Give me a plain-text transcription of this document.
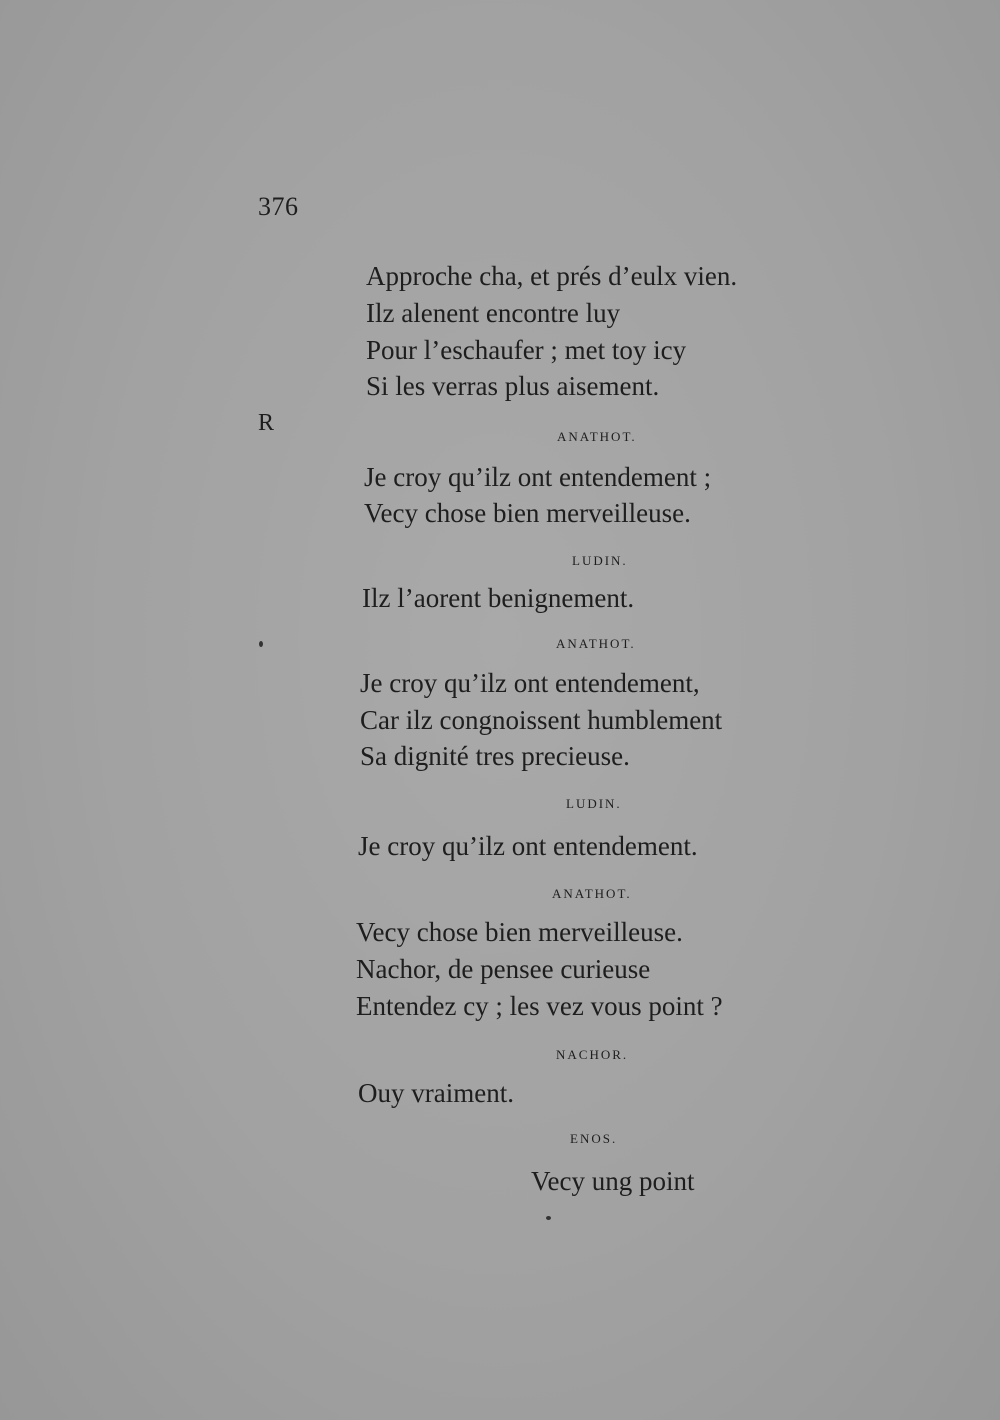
376
R
Approche cha, et prés d’eulx vien.
Ilz alenent encontre luy
Pour l’eschaufer ; met toy icy
Si les verras plus aisement.
ANATHOT.
Je croy qu’ilz ont entendement ;
Vecy chose bien merveilleuse.
LUDIN.
Ilz l’aorent benignement.
ANATHOT.
Je croy qu’ilz ont entendement,
Car ilz congnoissent humblement
Sa dignité tres precieuse.
LUDIN.
Je croy qu’ilz ont entendement.
ANATHOT.
Vecy chose bien merveilleuse.
Nachor, de pensee curieuse
Entendez cy ; les vez vous point ?
NACHOR.
Ouy vraiment.
ENOS.
Vecy ung point
